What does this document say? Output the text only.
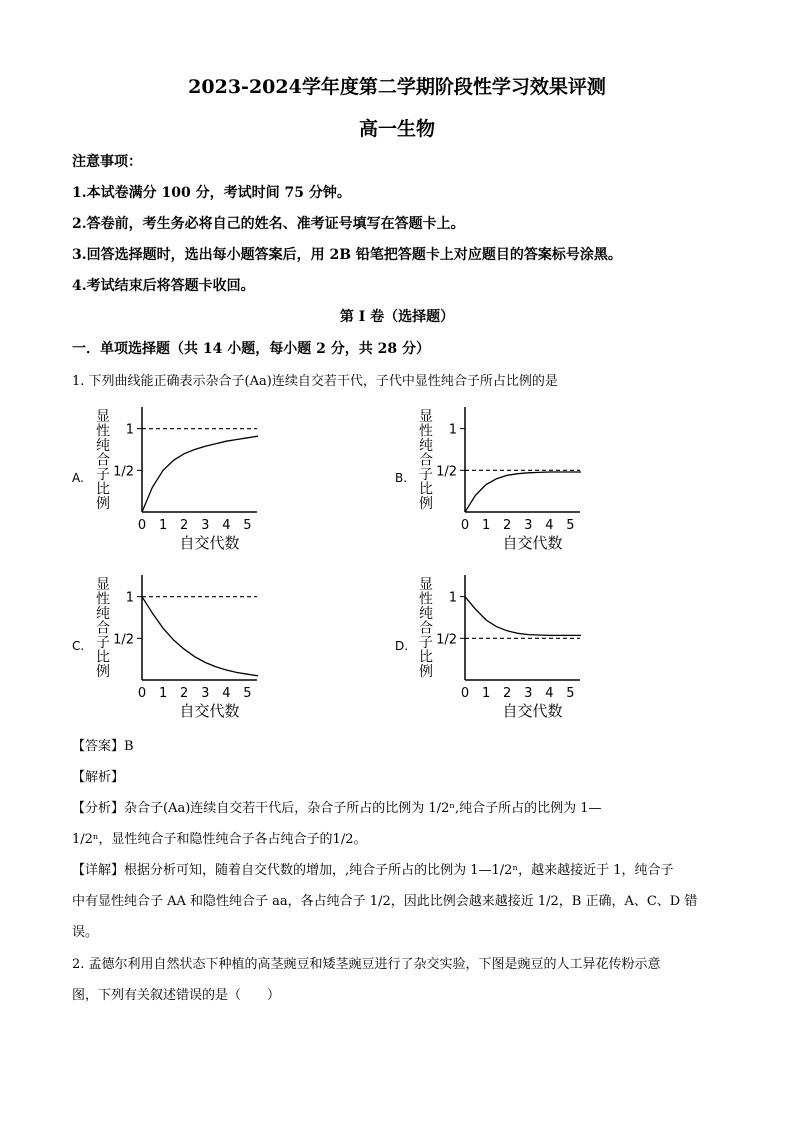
2023-2024学年度第二学期阶段性学习效果评测
高一生物
注意事项：
1.本试卷满分 100 分，考试时间 75 分钟。
2.答卷前，考生务必将自己的姓名、准考证号填写在答题卡上。
3.回答选择题时，选出每小题答案后，用 2B 铅笔把答题卡上对应题目的答案标号涂黑。
4.考试结束后将答题卡收回。
第 I 卷（选择题）
一．单项选择题（共 14 小题，每小题 2 分，共 28 分）
1. 下列曲线能正确表示杂合子(Aa)连续自交若干代，子代中显性纯合子所占比例的是
A.
显
性
纯
合
子
比
例
1
1/2
0 1 2 3 4 5
自交代数
B.
显
性
纯
合
子
比
例
1
1/2
0 1 2 3 4 5
自交代数
C.
显
性
纯
合
子
比
例
1
1/2
0 1 2 3 4 5
自交代数
D.
显
性
纯
合
子
比
例
1
1/2
0 1 2 3 4 5
自交代数
【答案】B
【解析】
【分析】杂合子(Aa)连续自交若干代后，杂合子所占的比例为 1/2ⁿ,纯合子所占的比例为 1—
1/2ⁿ，显性纯合子和隐性纯合子各占纯合子的1/2。
【详解】根据分析可知，随着自交代数的增加，,纯合子所占的比例为 1—1/2ⁿ，越来越接近于 1，纯合子
中有显性纯合子 AA 和隐性纯合子 aa，各占纯合子 1/2，因此比例会越来越接近 1/2，B 正确，A、C、D 错
误。
2. 孟德尔利用自然状态下种植的高茎豌豆和矮茎豌豆进行了杂交实验，下图是豌豆的人工异花传粉示意
图，下列有关叙述错误的是（　　）
